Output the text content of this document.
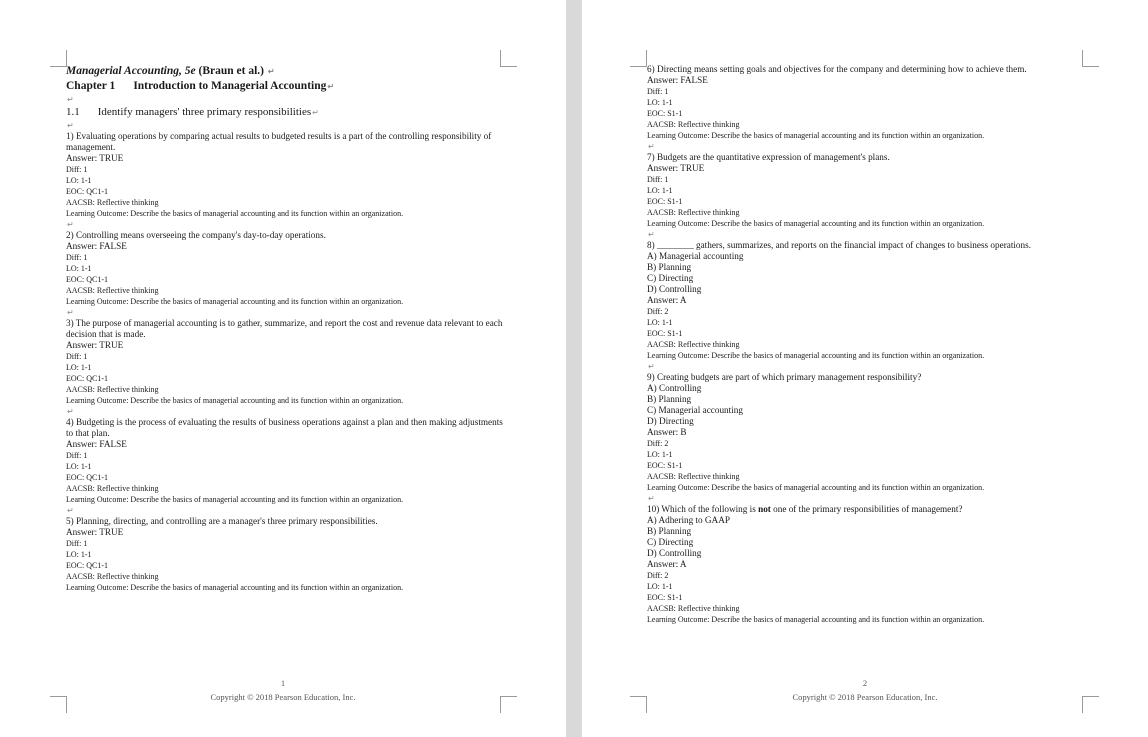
Managerial Accounting, 5e (Braun et al.) ↵
Chapter 1 Introduction to Managerial Accounting↵
↵
1.1 Identify managers' three primary responsibilities↵
↵
1) Evaluating operations by comparing actual results to budgeted results is a part of the controlling responsibility of management.
Answer: TRUE
Diff: 1
LO: 1-1
EOC: QC1-1
AACSB: Reflective thinking
Learning Outcome: Describe the basics of managerial accounting and its function within an organization.
↵
2) Controlling means overseeing the company's day-to-day operations.
Answer: FALSE
Diff: 1
LO: 1-1
EOC: QC1-1
AACSB: Reflective thinking
Learning Outcome: Describe the basics of managerial accounting and its function within an organization.
↵
3) The purpose of managerial accounting is to gather, summarize, and report the cost and revenue data relevant to each decision that is made.
Answer: TRUE
Diff: 1
LO: 1-1
EOC: QC1-1
AACSB: Reflective thinking
Learning Outcome: Describe the basics of managerial accounting and its function within an organization.
↵
4) Budgeting is the process of evaluating the results of business operations against a plan and then making adjustments to that plan.
Answer: FALSE
Diff: 1
LO: 1-1
EOC: QC1-1
AACSB: Reflective thinking
Learning Outcome: Describe the basics of managerial accounting and its function within an organization.
↵
5) Planning, directing, and controlling are a manager's three primary responsibilities.
Answer: TRUE
Diff: 1
LO: 1-1
EOC: QC1-1
AACSB: Reflective thinking
Learning Outcome: Describe the basics of managerial accounting and its function within an organization.
1
Copyright © 2018 Pearson Education, Inc.
6) Directing means setting goals and objectives for the company and determining how to achieve them.
Answer: FALSE
Diff: 1
LO: 1-1
EOC: S1-1
AACSB: Reflective thinking
Learning Outcome: Describe the basics of managerial accounting and its function within an organization.
↵
7) Budgets are the quantitative expression of management's plans.
Answer: TRUE
Diff: 1
LO: 1-1
EOC: S1-1
AACSB: Reflective thinking
Learning Outcome: Describe the basics of managerial accounting and its function within an organization.
↵
8) ________ gathers, summarizes, and reports on the financial impact of changes to business operations.
A) Managerial accounting
B) Planning
C) Directing
D) Controlling
Answer: A
Diff: 2
LO: 1-1
EOC: S1-1
AACSB: Reflective thinking
Learning Outcome: Describe the basics of managerial accounting and its function within an organization.
↵
9) Creating budgets are part of which primary management responsibility?
A) Controlling
B) Planning
C) Managerial accounting
D) Directing
Answer: B
Diff: 2
LO: 1-1
EOC: S1-1
AACSB: Reflective thinking
Learning Outcome: Describe the basics of managerial accounting and its function within an organization.
↵
10) Which of the following is not one of the primary responsibilities of management?
A) Adhering to GAAP
B) Planning
C) Directing
D) Controlling
Answer: A
Diff: 2
LO: 1-1
EOC: S1-1
AACSB: Reflective thinking
Learning Outcome: Describe the basics of managerial accounting and its function within an organization.
2
Copyright © 2018 Pearson Education, Inc.
